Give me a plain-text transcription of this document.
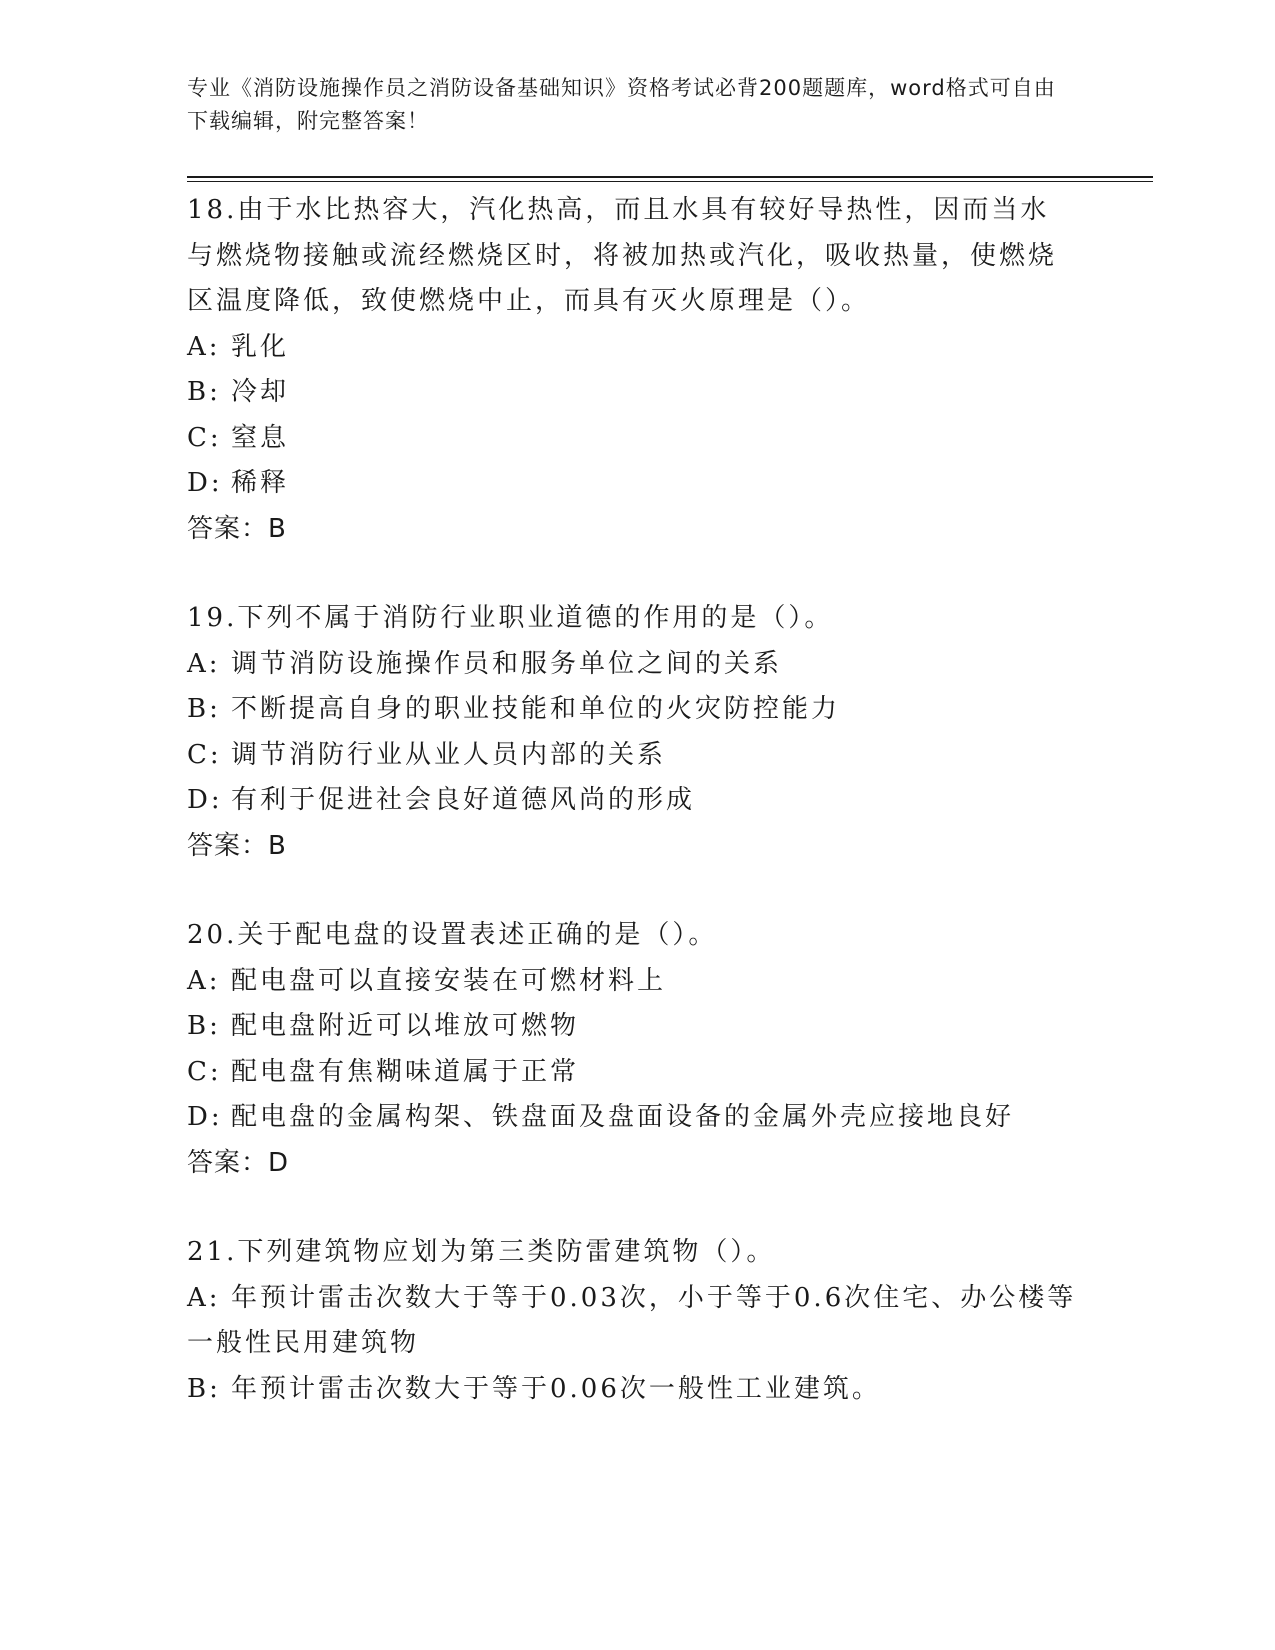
专业《消防设施操作员之消防设备基础知识》资格考试必背200题题库，word格式可自由下载编辑，附完整答案！

18.由于水比热容大，汽化热高，而且水具有较好导热性，因而当水与燃烧物接触或流经燃烧区时，将被加热或汽化，吸收热量，使燃烧区温度降低，致使燃烧中止，而具有灭火原理是（）。

A: 乳化

B: 冷却

C: 窒息

D: 稀释

答案：B

19.下列不属于消防行业职业道德的作用的是（）。

A: 调节消防设施操作员和服务单位之间的关系

B: 不断提高自身的职业技能和单位的火灾防控能力

C: 调节消防行业从业人员内部的关系

D: 有利于促进社会良好道德风尚的形成

答案：B

20.关于配电盘的设置表述正确的是（）。

A: 配电盘可以直接安装在可燃材料上

B: 配电盘附近可以堆放可燃物

C: 配电盘有焦糊味道属于正常

D: 配电盘的金属构架、铁盘面及盘面设备的金属外壳应接地良好

答案：D

21.下列建筑物应划为第三类防雷建筑物（）。

A: 年预计雷击次数大于等于0.03次，小于等于0.6次住宅、办公楼等一般性民用建筑物

B: 年预计雷击次数大于等于0.06次一般性工业建筑。
